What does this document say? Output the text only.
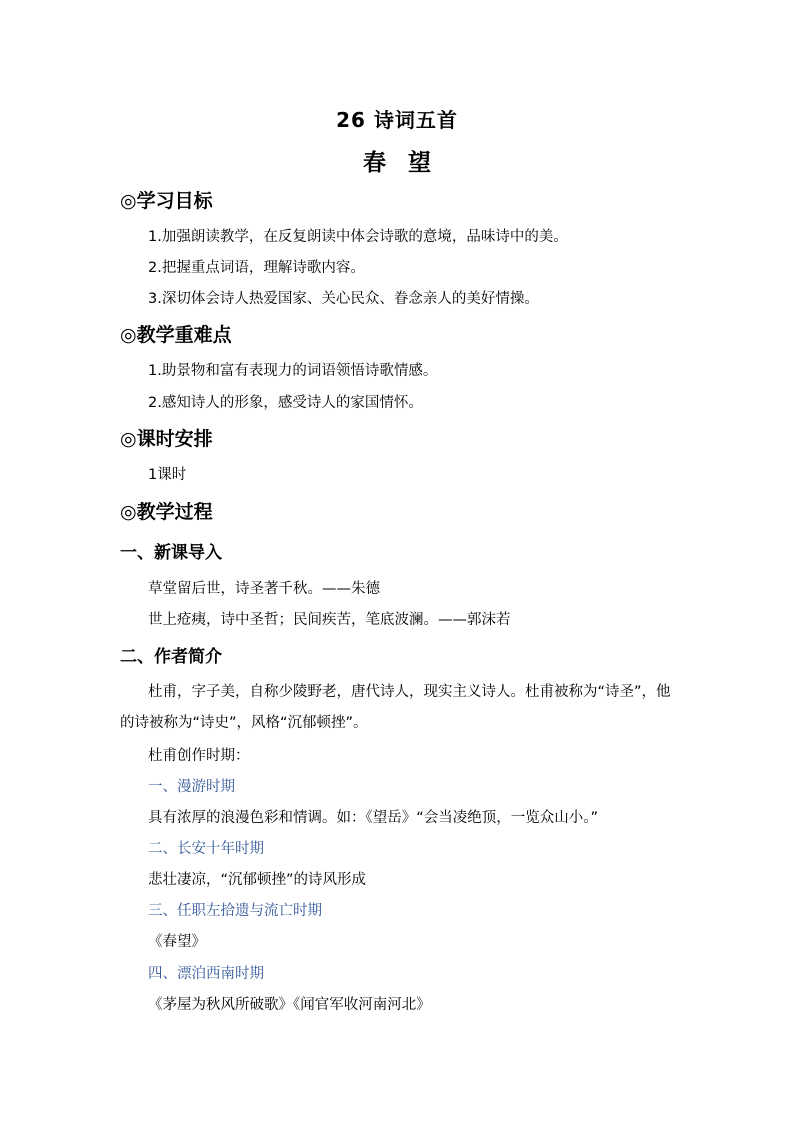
26 诗词五首
春 望
◎学习目标
1.加强朗读教学，在反复朗读中体会诗歌的意境，品味诗中的美。
2.把握重点词语，理解诗歌内容。
3.深切体会诗人热爱国家、关心民众、眷念亲人的美好情操。
◎教学重难点
1.助景物和富有表现力的词语领悟诗歌情感。
2.感知诗人的形象，感受诗人的家国情怀。
◎课时安排
1课时
◎教学过程
一、新课导入
草堂留后世，诗圣著千秋。——朱德
世上疮痍，诗中圣哲；民间疾苦，笔底波澜。——郭沫若
二、作者简介
杜甫，字子美，自称少陵野老，唐代诗人，现实主义诗人。杜甫被称为“诗圣”，他的诗被称为“诗史”，风格“沉郁顿挫”。
杜甫创作时期：
一、漫游时期
具有浓厚的浪漫色彩和情调。如：《望岳》“会当凌绝顶，一览众山小。”
二、长安十年时期
悲壮凄凉，“沉郁顿挫”的诗风形成
三、任职左拾遗与流亡时期
《春望》
四、漂泊西南时期
《茅屋为秋风所破歌》《闻官军收河南河北》
